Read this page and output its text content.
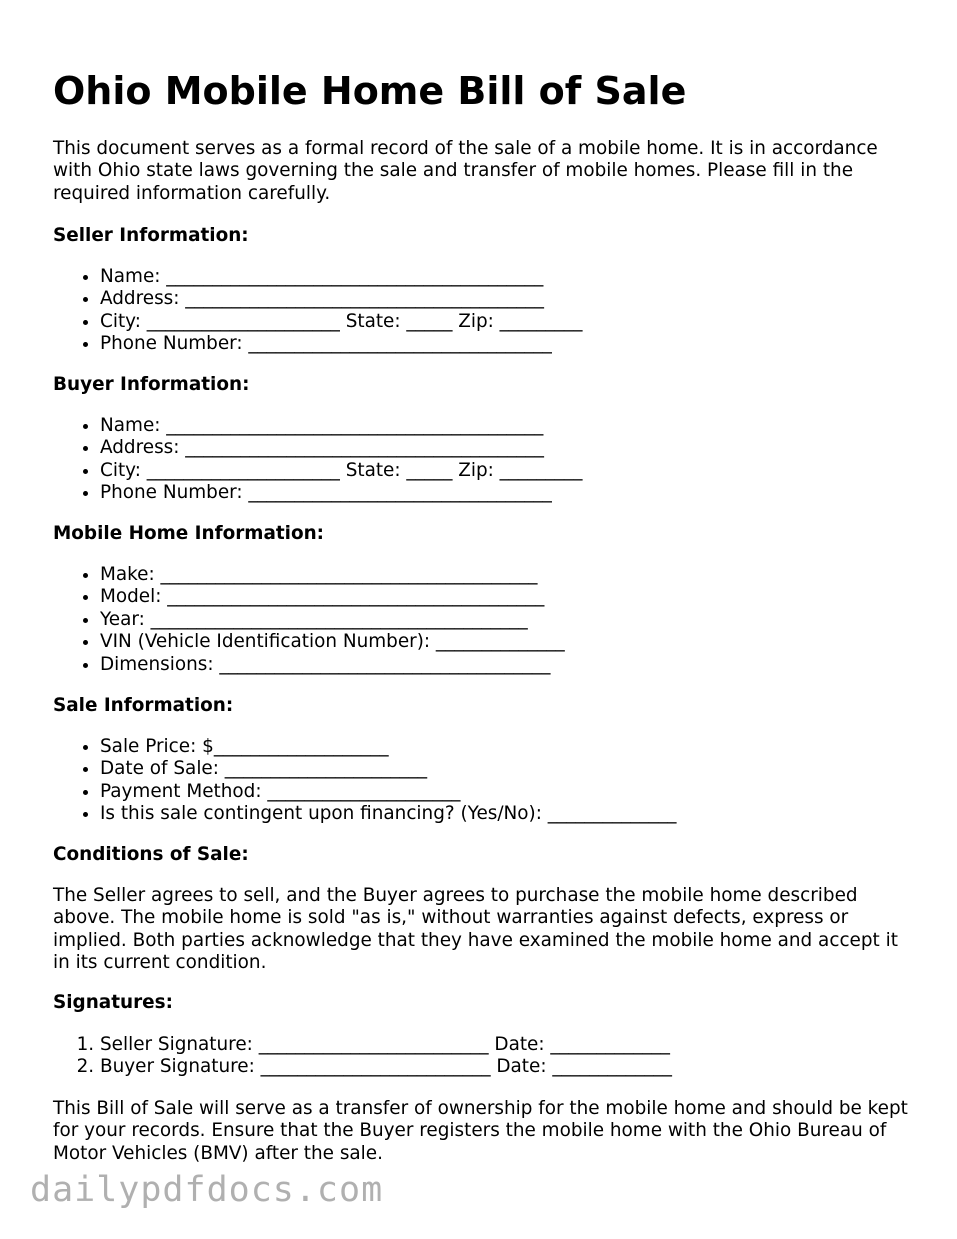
Ohio Mobile Home Bill of Sale
This document serves as a formal record of the sale of a mobile home. It is in accordance with Ohio state laws governing the sale and transfer of mobile homes. Please fill in the required information carefully.
Seller Information:
• Name: _________________________________________
• Address: _______________________________________
• City: _____________________ State: _____ Zip: _________
• Phone Number: _________________________________
Buyer Information:
• Name: _________________________________________
• Address: _______________________________________
• City: _____________________ State: _____ Zip: _________
• Phone Number: _________________________________
Mobile Home Information:
• Make: _________________________________________
• Model: _________________________________________
• Year: _________________________________________
• VIN (Vehicle Identification Number): ______________
• Dimensions: ____________________________________
Sale Information:
• Sale Price: $___________________
• Date of Sale: ______________________
• Payment Method: _____________________
• Is this sale contingent upon financing? (Yes/No): ______________
Conditions of Sale:
The Seller agrees to sell, and the Buyer agrees to purchase the mobile home described above. The mobile home is sold "as is," without warranties against defects, express or implied. Both parties acknowledge that they have examined the mobile home and accept it in its current condition.
Signatures:
1. Seller Signature: _________________________ Date: _____________
2. Buyer Signature: _________________________ Date: _____________
This Bill of Sale will serve as a transfer of ownership for the mobile home and should be kept for your records. Ensure that the Buyer registers the mobile home with the Ohio Bureau of Motor Vehicles (BMV) after the sale.
dailypdfdocs.com
